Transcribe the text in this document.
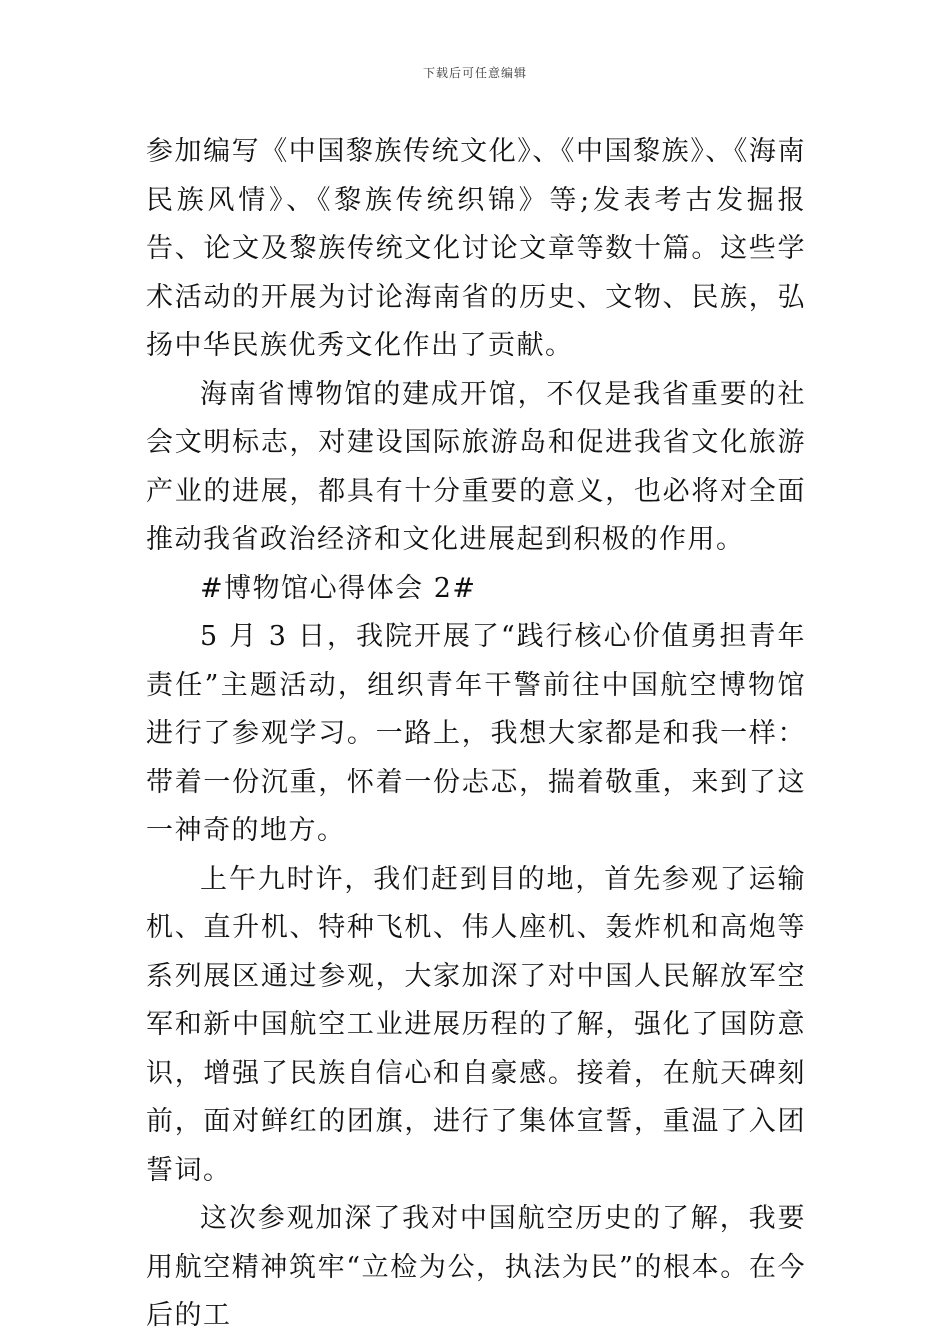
下载后可任意编辑

参加编写《中国黎族传统文化》、《中国黎族》、《海南民族风情》、《黎族传统织锦》等;发表考古发掘报告、论文及黎族传统文化讨论文章等数十篇。这些学术活动的开展为讨论海南省的历史、文物、民族，弘扬中华民族优秀文化作出了贡献。

海南省博物馆的建成开馆，不仅是我省重要的社会文明标志，对建设国际旅游岛和促进我省文化旅游产业的进展，都具有十分重要的意义，也必将对全面推动我省政治经济和文化进展起到积极的作用。

#博物馆心得体会 2#

5 月 3 日，我院开展了“践行核心价值勇担青年责任”主题活动，组织青年干警前往中国航空博物馆进行了参观学习。一路上，我想大家都是和我一样：带着一份沉重，怀着一份忐忑，揣着敬重，来到了这一神奇的地方。

上午九时许，我们赶到目的地，首先参观了运输机、直升机、特种飞机、伟人座机、轰炸机和高炮等系列展区通过参观，大家加深了对中国人民解放军空军和新中国航空工业进展历程的了解，强化了国防意识，增强了民族自信心和自豪感。接着，在航天碑刻前，面对鲜红的团旗，进行了集体宣誓，重温了入团誓词。

这次参观加深了我对中国航空历史的了解，我要用航空精神筑牢“立检为公，执法为民”的根本。在今后的工
